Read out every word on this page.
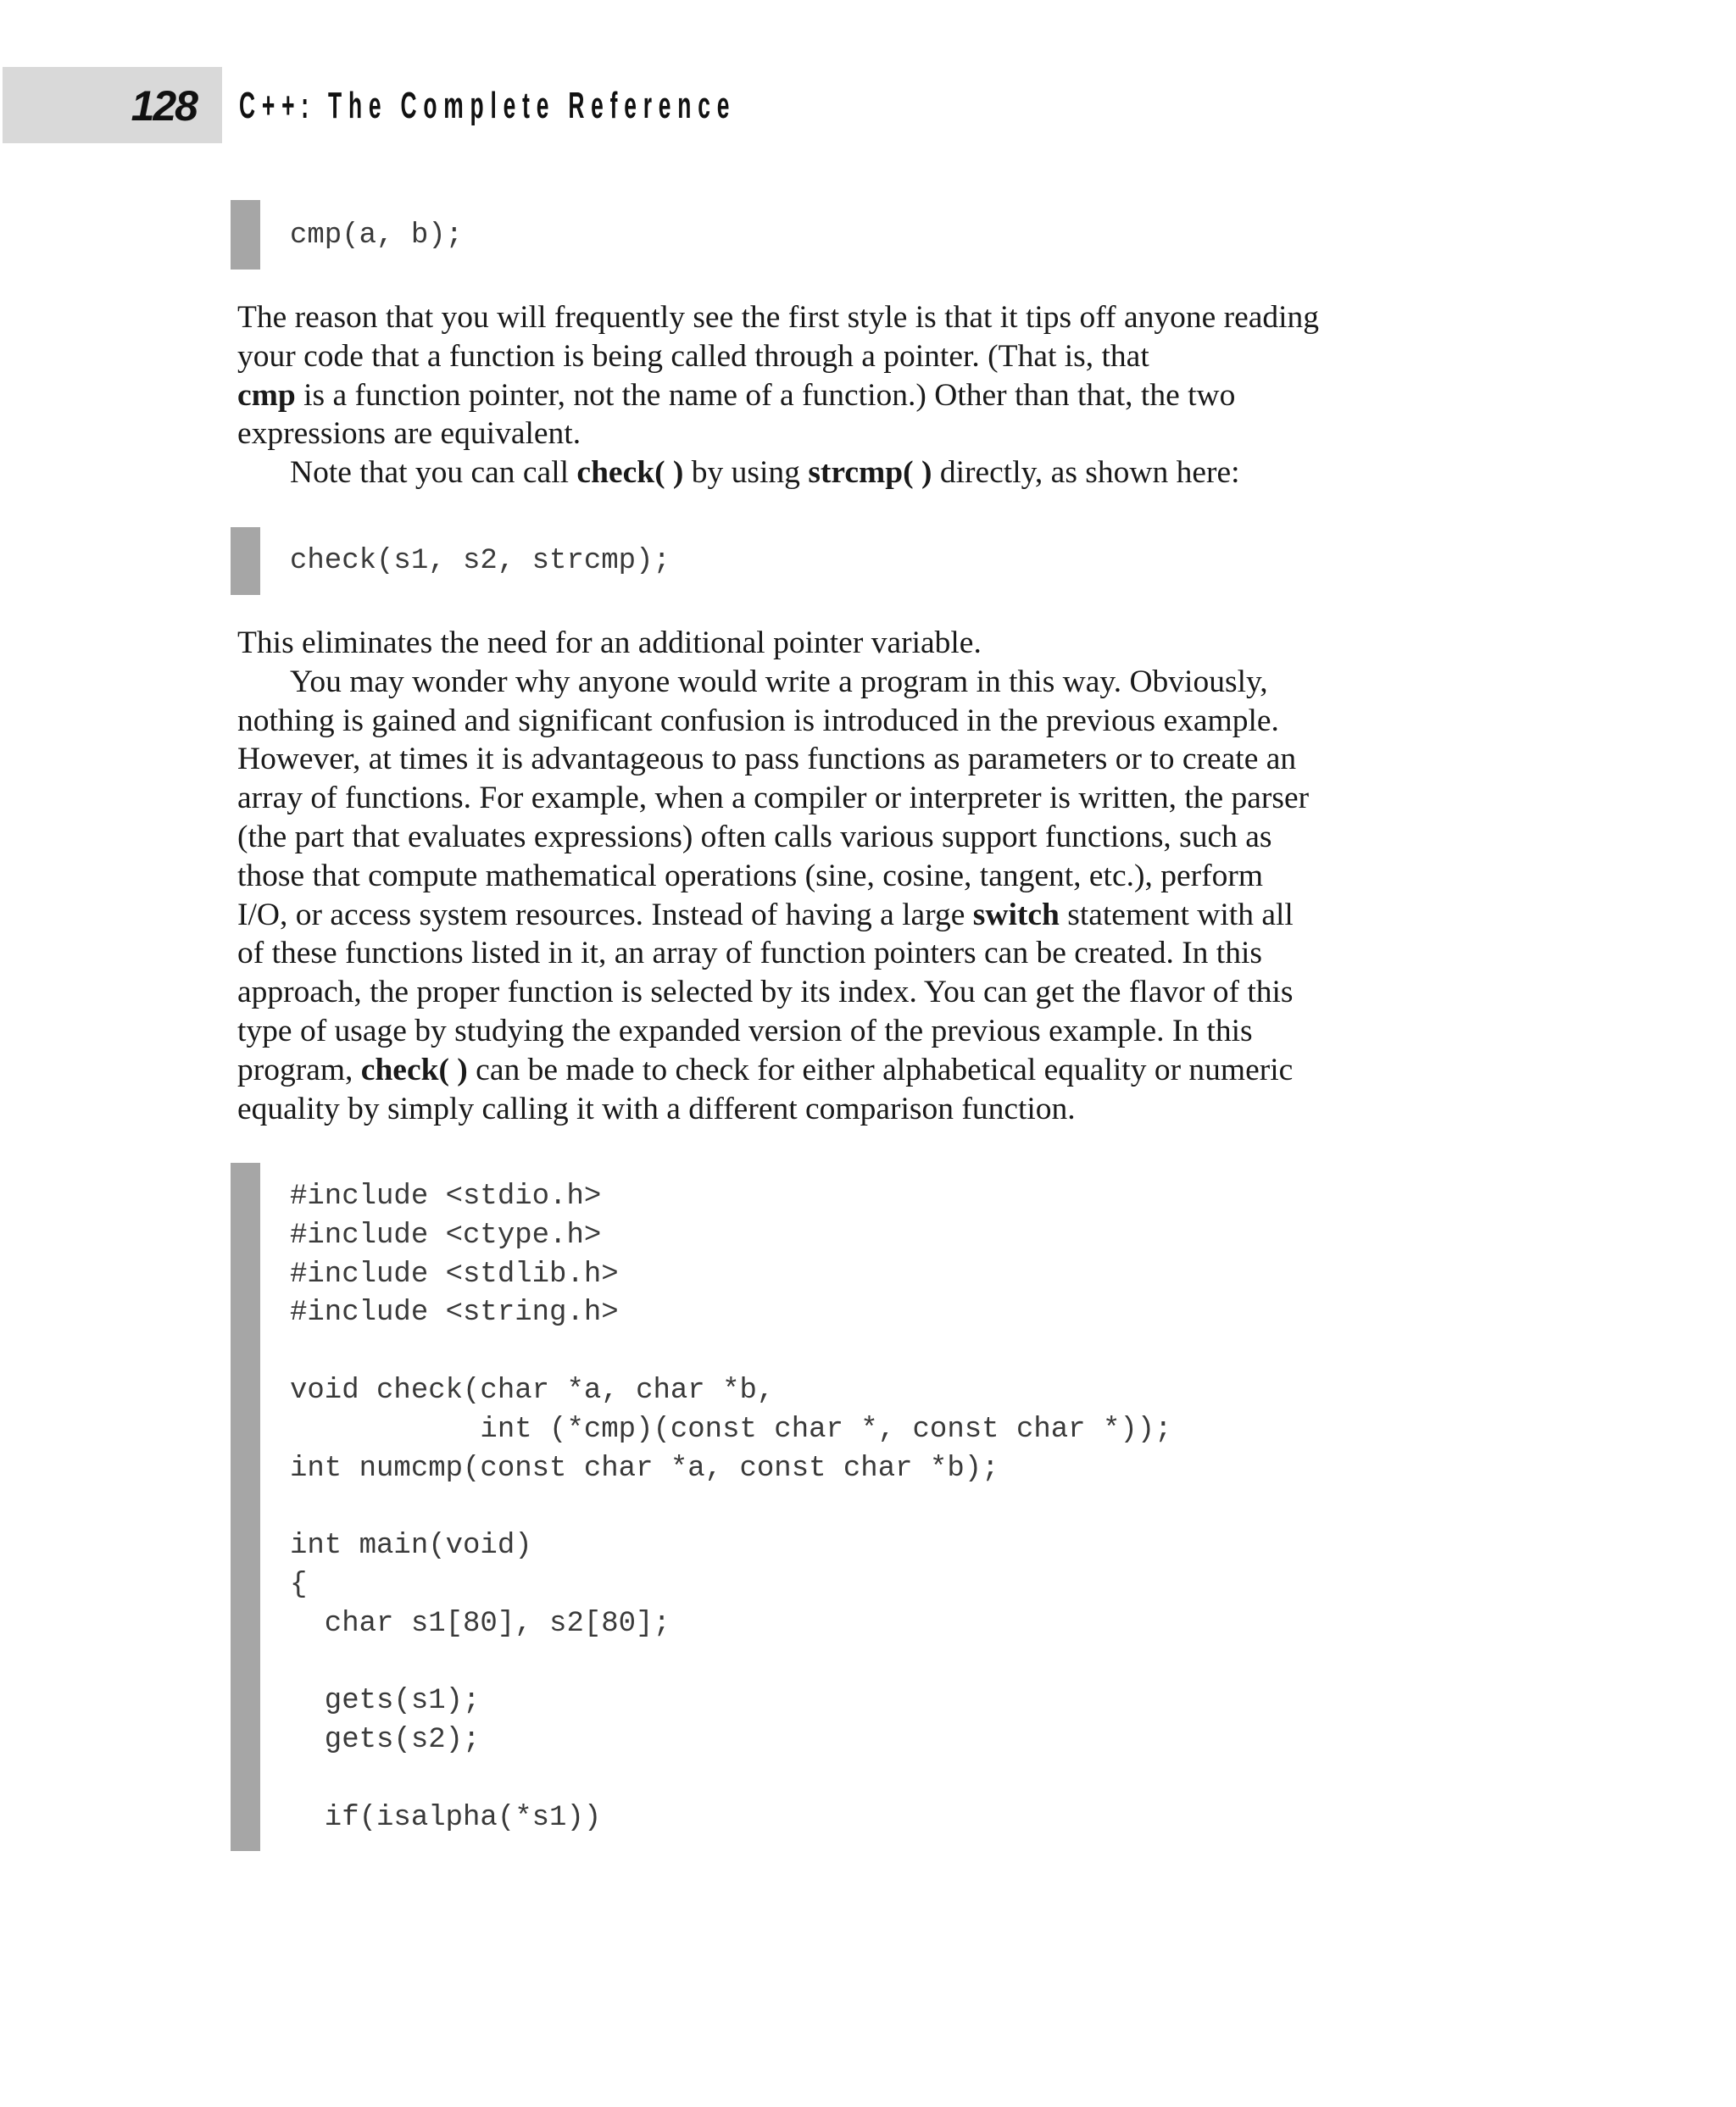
128 C++: The Complete Reference
cmp(a, b);
The reason that you will frequently see the first style is that it tips off anyone reading
your code that a function is being called through a pointer. (That is, that
cmp is a function pointer, not the name of a function.) Other than that, the two
expressions are equivalent.
Note that you can call check( ) by using strcmp( ) directly, as shown here:
check(s1, s2, strcmp);
This eliminates the need for an additional pointer variable.
You may wonder why anyone would write a program in this way. Obviously,
nothing is gained and significant confusion is introduced in the previous example.
However, at times it is advantageous to pass functions as parameters or to create an
array of functions. For example, when a compiler or interpreter is written, the parser
(the part that evaluates expressions) often calls various support functions, such as
those that compute mathematical operations (sine, cosine, tangent, etc.), perform
I/O, or access system resources. Instead of having a large switch statement with all
of these functions listed in it, an array of function pointers can be created. In this
approach, the proper function is selected by its index. You can get the flavor of this
type of usage by studying the expanded version of the previous example. In this
program, check( ) can be made to check for either alphabetical equality or numeric
equality by simply calling it with a different comparison function.
#include <stdio.h>
#include <ctype.h>
#include <stdlib.h>
#include <string.h>
void check(char *a, char *b,
int (*cmp)(const char *, const char *));
int numcmp(const char *a, const char *b);
int main(void)
{
char s1[80], s2[80];
gets(s1);
gets(s2);
if(isalpha(*s1))
